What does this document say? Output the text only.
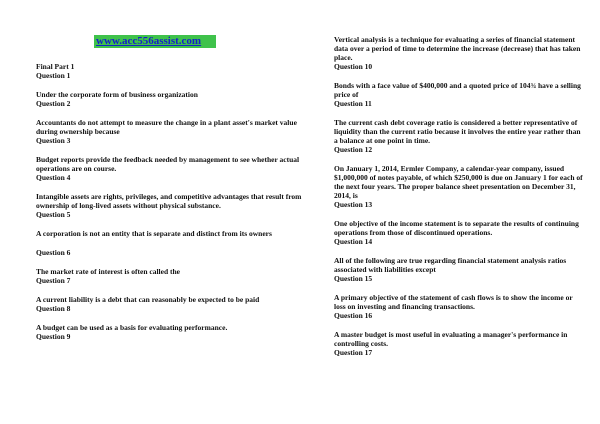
www.acc556assist.com

Final Part 1

Question 1

Under the corporate form of business organization

Question 2

Accountants do not attempt to measure the change in a plant asset's market value during ownership because

Question 3

Budget reports provide the feedback needed by management to see whether actual operations are on course.

Question 4

Intangible assets are rights, privileges, and competitive advantages that result from ownership of long-lived assets without physical substance.

Question 5

A corporation is not an entity that is separate and distinct from its owners

Question 6

The market rate of interest is often called the

Question 7

A current liability is a debt that can reasonably be expected to be paid

Question 8

A budget can be used as a basis for evaluating performance.

Question 9

Vertical analysis is a technique for evaluating a series of financial statement data over a period of time to determine the increase (decrease) that has taken place.

Question 10

Bonds with a face value of $400,000 and a quoted price of 104¾ have a selling price of

Question 11

The current cash debt coverage ratio is considered a better representative of liquidity than the current ratio because it involves the entire year rather than a balance at one point in time.

Question 12

On January 1, 2014, Ermler Company, a calendar-year company, issued $1,000,000 of notes payable, of which $250,000 is due on January 1 for each of the next four years. The proper balance sheet presentation on December 31, 2014, is

Question 13

One objective of the income statement is to separate the results of continuing operations from those of discontinued operations.

Question 14

All of the following are true regarding financial statement analysis ratios associated with liabilities except

Question 15

A primary objective of the statement of cash flows is to show the income or loss on investing and financing transactions.

Question 16

A master budget is most useful in evaluating a manager's performance in controlling costs.

Question 17
